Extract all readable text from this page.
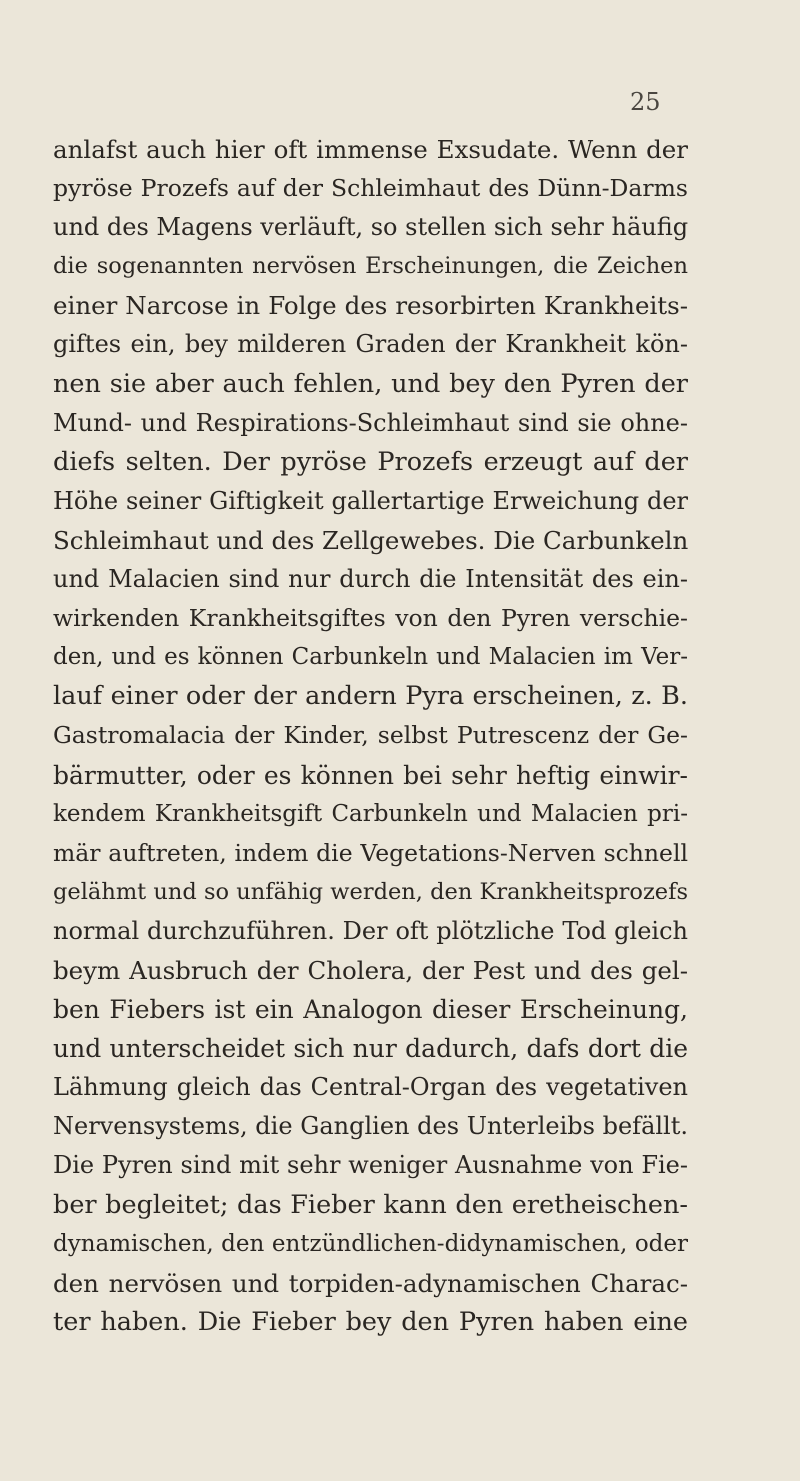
25
anlafst auch hier oft immense Exsudate. Wenn der
pyröse Prozefs auf der Schleimhaut des Dünn-Darms
und des Magens verläuft, so stellen sich sehr häufig
die sogenannten nervösen Erscheinungen, die Zeichen
einer Narcose in Folge des resorbirten Krankheits-
giftes ein, bey milderen Graden der Krankheit kön-
nen sie aber auch fehlen, und bey den Pyren der
Mund- und Respirations-Schleimhaut sind sie ohne-
diefs selten. Der pyröse Prozefs erzeugt auf der
Höhe seiner Giftigkeit gallertartige Erweichung der
Schleimhaut und des Zellgewebes. Die Carbunkeln
und Malacien sind nur durch die Intensität des ein-
wirkenden Krankheitsgiftes von den Pyren verschie-
den, und es können Carbunkeln und Malacien im Ver-
lauf einer oder der andern Pyra erscheinen, z. B.
Gastromalacia der Kinder, selbst Putrescenz der Ge-
bärmutter, oder es können bei sehr heftig einwir-
kendem Krankheitsgift Carbunkeln und Malacien pri-
mär auftreten, indem die Vegetations-Nerven schnell
gelähmt und so unfähig werden, den Krankheitsprozefs
normal durchzuführen. Der oft plötzliche Tod gleich
beym Ausbruch der Cholera, der Pest und des gel-
ben Fiebers ist ein Analogon dieser Erscheinung,
und unterscheidet sich nur dadurch, dafs dort die
Lähmung gleich das Central-Organ des vegetativen
Nervensystems, die Ganglien des Unterleibs befällt.
Die Pyren sind mit sehr weniger Ausnahme von Fie-
ber begleitet; das Fieber kann den eretheischen-
dynamischen, den entzündlichen-didynamischen, oder
den nervösen und torpiden-adynamischen Charac-
ter haben. Die Fieber bey den Pyren haben eine
